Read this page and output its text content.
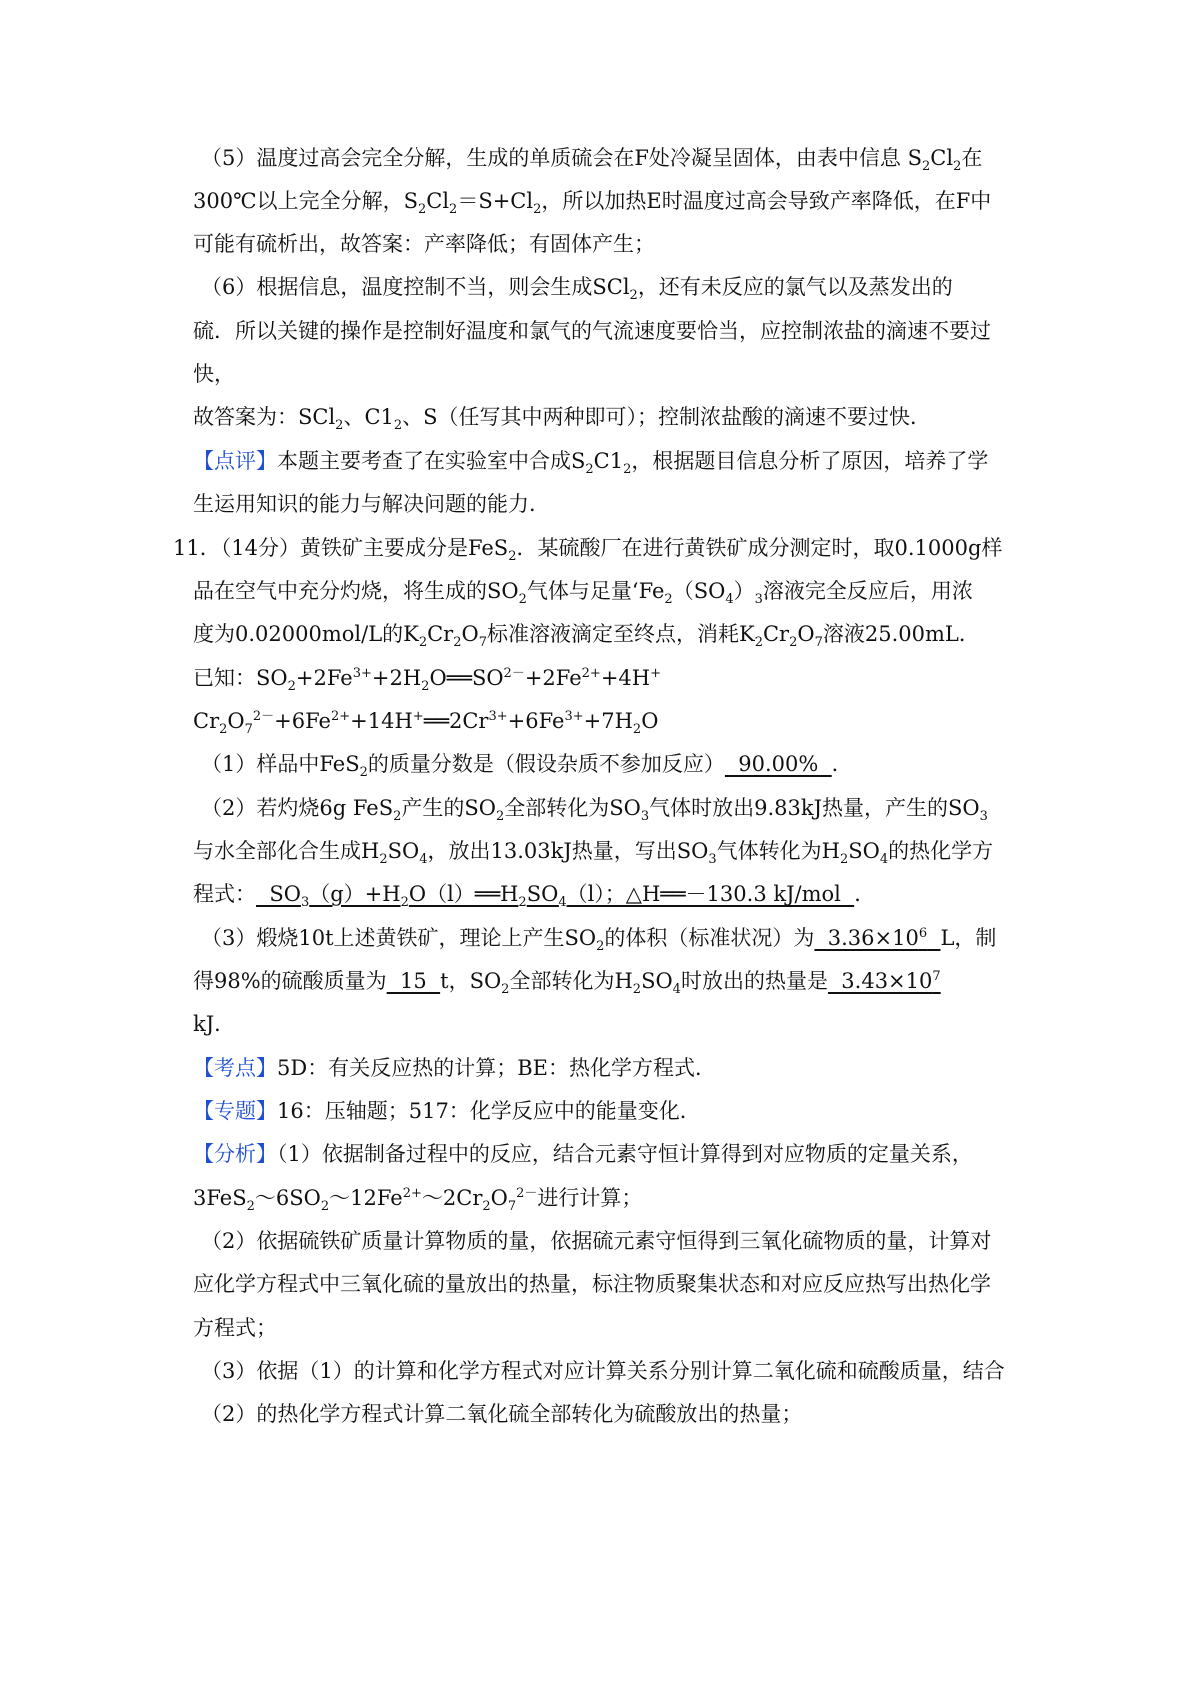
（5）温度过高会完全分解，生成的单质硫会在F处冷凝呈固体，由表中信息 $S_2Cl_2$在
300℃以上完全分解，$S_2Cl_2=S+Cl_2$，所以加热E时温度过高会导致产率降低，在F中
可能有硫析出，故答案：产率降低；有固体产生；
（6）根据信息，温度控制不当，则会生成SCl$_2$，还有未反应的氯气以及蒸发出的
硫．所以关键的操作是控制好温度和氯气的气流速度要恰当，应控制浓盐的滴速不要过
快，
故答案为：SCl$_2$、$C1_2$、S（任写其中两种即可）；控制浓盐酸的滴速不要过快．
【点评】本题主要考查了在实验室中合成$S_2C1_2$，根据题目信息分析了原因，培养了学
生运用知识的能力与解决问题的能力．
11．（14分）黄铁矿主要成分是FeS$_2$．某硫酸厂在进行黄铁矿成分测定时，取0.1000g样
品在空气中充分灼烧，将生成的$SO_2$气体与足量‘$Fe_2(SO_4)_3$溶液完全反应后，用浓
度为0.02000mol/L的$K_2Cr_2O_7$标准溶液滴定至终点，消耗$K_2Cr_2O_7$溶液25.00mL．
已知：$SO_2+2Fe^{3+}+2H_2O══SO^{2-}+2Fe^{2+}+4H^+$
$Cr_2O_7^{2-}+6Fe^{2+}+14H^+══2Cr^{3+}+6Fe^{3+}+7H_2O$
（1）样品中FeS$_2$的质量分数是（假设杂质不参加反应）  90.00%  ．
（2）若灼烧6g FeS$_2$产生的$SO_2$全部转化为$SO_3$气体时放出9.83kJ热量，产生的$SO_3$
与水全部化合生成$H_2SO_4$，放出13.03kJ热量，写出$SO_3$气体转化为$H_2SO_4$的热化学方
程式：  $SO_3(g)+H_2O(l)══H_2SO_4(l)$；△H══－130.3 kJ/mol  ．
（3）煅烧10t上述黄铁矿，理论上产生$SO_2$的体积（标准状况）为  $3.36\times 10^6$ L，制
得98%的硫酸质量为  15  t，$SO_2$全部转化为$H_2SO_4$时放出的热量是  $3.43\times 10^7$
kJ．
【考点】5D：有关反应热的计算；BE：热化学方程式．
【专题】16：压轴题；517：化学反应中的能量变化．
【分析】（1）依据制备过程中的反应，结合元素守恒计算得到对应物质的定量关系，
$3FeS_2\sim 6SO_2\sim 12Fe^{2+}\sim 2Cr_2O_7^{2-}$进行计算；
（2）依据硫铁矿质量计算物质的量，依据硫元素守恒得到三氧化硫物质的量，计算对
应化学方程式中三氧化硫的量放出的热量，标注物质聚集状态和对应反应热写出热化学
方程式；
（3）依据（1）的计算和化学方程式对应计算关系分别计算二氧化硫和硫酸质量，结合
（2）的热化学方程式计算二氧化硫全部转化为硫酸放出的热量；
